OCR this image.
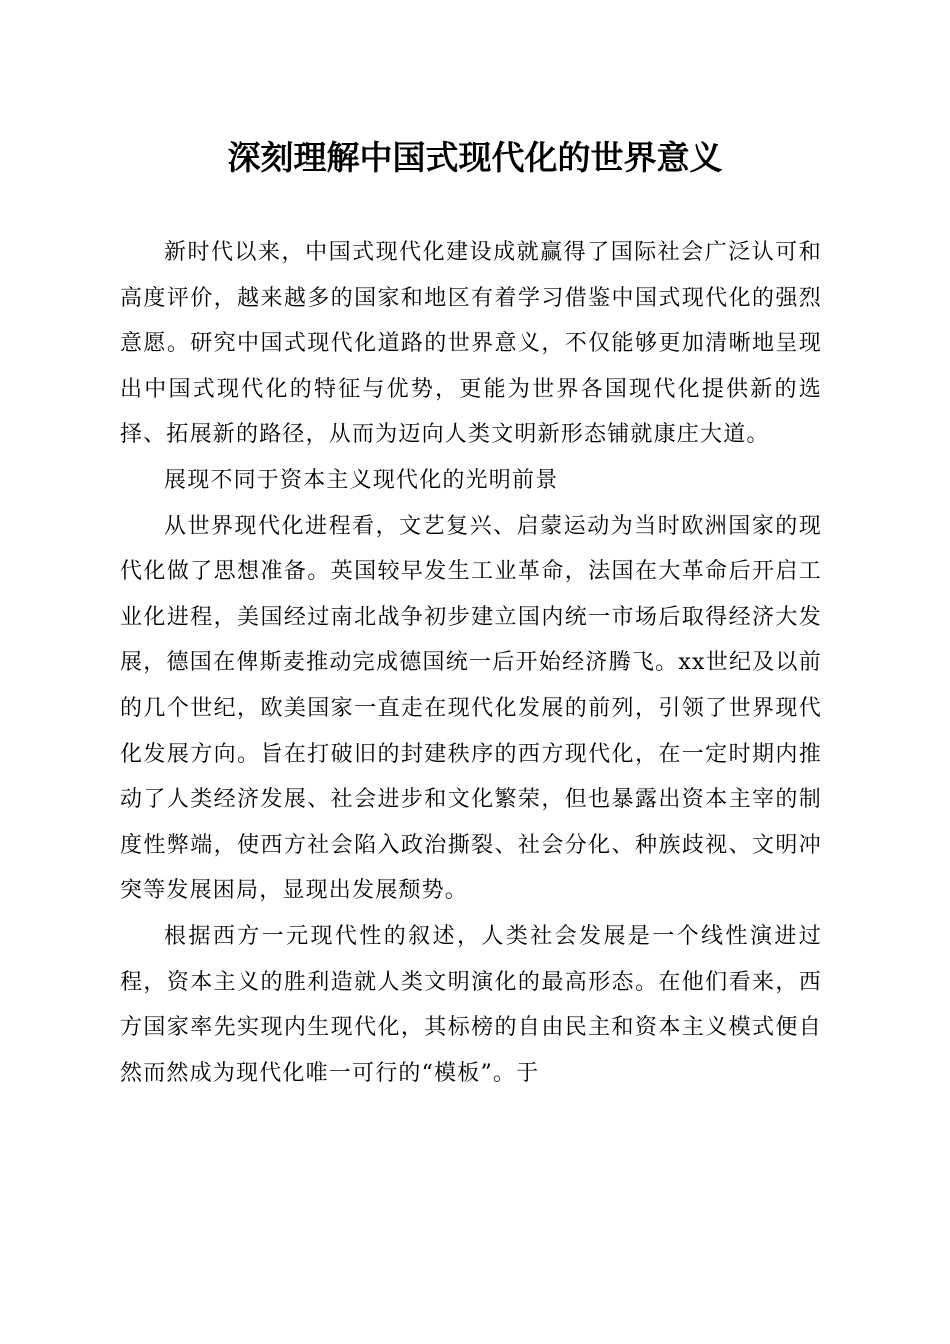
深刻理解中国式现代化的世界意义

新时代以来，中国式现代化建设成就赢得了国际社会广泛认可和高度评价，越来越多的国家和地区有着学习借鉴中国式现代化的强烈意愿。研究中国式现代化道路的世界意义，不仅能够更加清晰地呈现出中国式现代化的特征与优势，更能为世界各国现代化提供新的选择、拓展新的路径，从而为迈向人类文明新形态铺就康庄大道。

展现不同于资本主义现代化的光明前景

从世界现代化进程看，文艺复兴、启蒙运动为当时欧洲国家的现代化做了思想准备。英国较早发生工业革命，法国在大革命后开启工业化进程，美国经过南北战争初步建立国内统一市场后取得经济大发展，德国在俾斯麦推动完成德国统一后开始经济腾飞。xx世纪及以前的几个世纪，欧美国家一直走在现代化发展的前列，引领了世界现代化发展方向。旨在打破旧的封建秩序的西方现代化，在一定时期内推动了人类经济发展、社会进步和文化繁荣，但也暴露出资本主宰的制度性弊端，使西方社会陷入政治撕裂、社会分化、种族歧视、文明冲突等发展困局，显现出发展颓势。

根据西方一元现代性的叙述，人类社会发展是一个线性演进过程，资本主义的胜利造就人类文明演化的最高形态。在他们看来，西方国家率先实现内生现代化，其标榜的自由民主和资本主义模式便自然而然成为现代化唯一可行的“模板”。于
